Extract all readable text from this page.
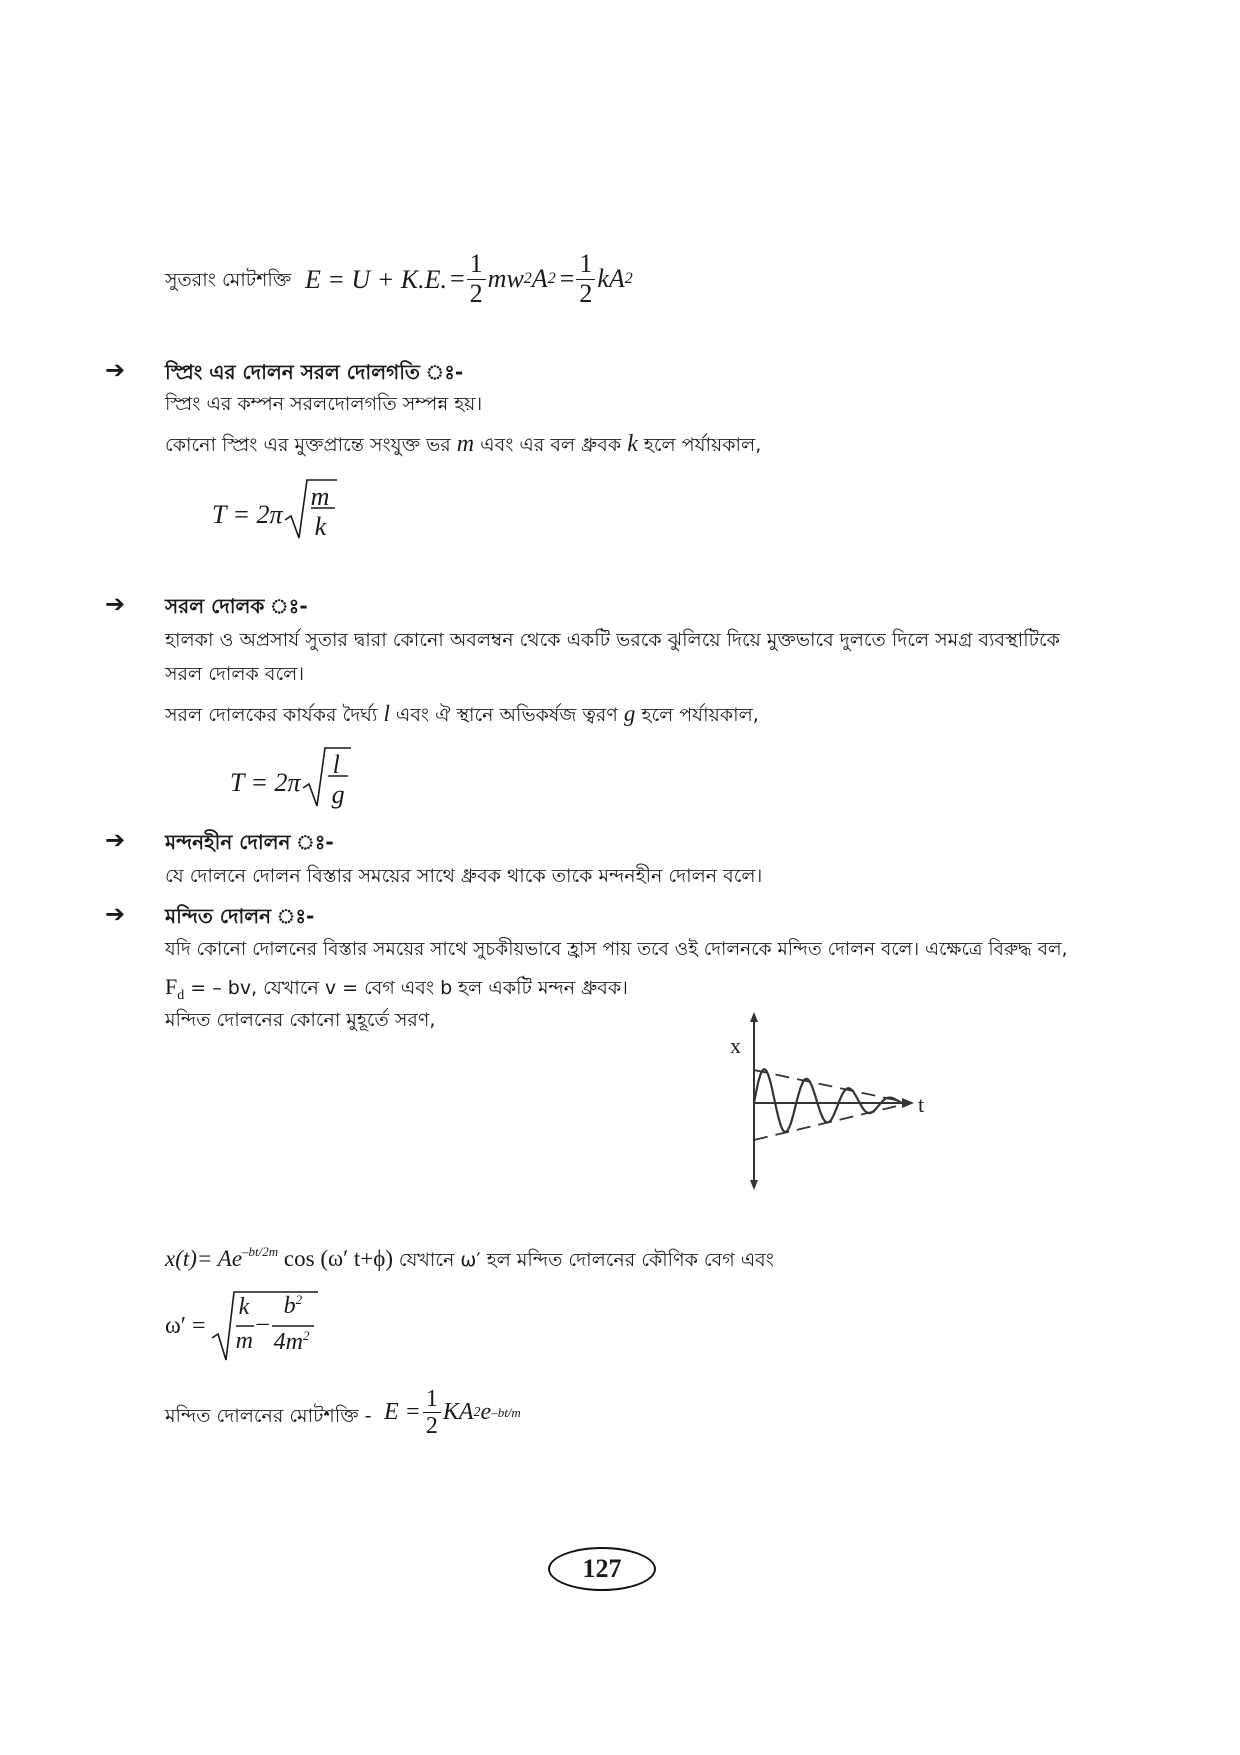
সুতরাং মোটশক্তি E = U + K.E. = $\frac{1}{2}$ mw 2 A $2 = \frac{1}{2}$ kA 2
➔ স্প্রিং এর দোলন সরল দোলগতি ঃ-
স্প্রিং এর কম্পন সরলদোলগতি সম্পন্ন হয়।
কোনো স্প্রিং এর মুক্তপ্রান্তে সংযুক্ত ভর m এবং এর বল ধ্রুবক k হলে পর্যায়কাল,
T = 2π
m
k
➔ সরল দোলক ঃ-
হালকা ও অপ্রসার্য সুতার দ্বারা কোনো অবলম্বন থেকে একটি ভরকে ঝুলিয়ে দিয়ে মুক্তভাবে দুলতে দিলে সমগ্র ব্যবস্থাটিকে
সরল দোলক বলে।
সরল দোলকের কার্যকর দৈর্ঘ্য l এবং ঐ স্থানে অভিকর্ষজ ত্বরণ g হলে পর্যায়কাল,
T = 2π
l
g
➔ মন্দনহীন দোলন ঃ-
যে দোলনে দোলন বিস্তার সময়ের সাথে ধ্রুবক থাকে তাকে মন্দনহীন দোলন বলে।
➔ মন্দিত দোলন ঃ-
যদি কোনো দোলনের বিস্তার সময়ের সাথে সুচকীয়ভাবে হ্রাস পায় তবে ওই দোলনকে মন্দিত দোলন বলে। এক্ষেত্রে বিরুদ্ধ বল,
$F_d$ = – bv, যেখানে v = বেগ এবং b হল একটি মন্দন ধ্রুবক।
মন্দিত দোলনের কোনো মুহূর্তে সরণ,
x
t
$x(t)= Ae^{-bt/2m}$ cos (ω′ t+ϕ) যেখানে ω′ হল মন্দিত দোলনের কৌণিক বেগ এবং
ω′ =
k
m
–
$b^2$
$4m^2$
মন্দিত দোলনের মোটশক্তি - $E = \frac{1}{2}$ KA 2 e –bt/m
127
